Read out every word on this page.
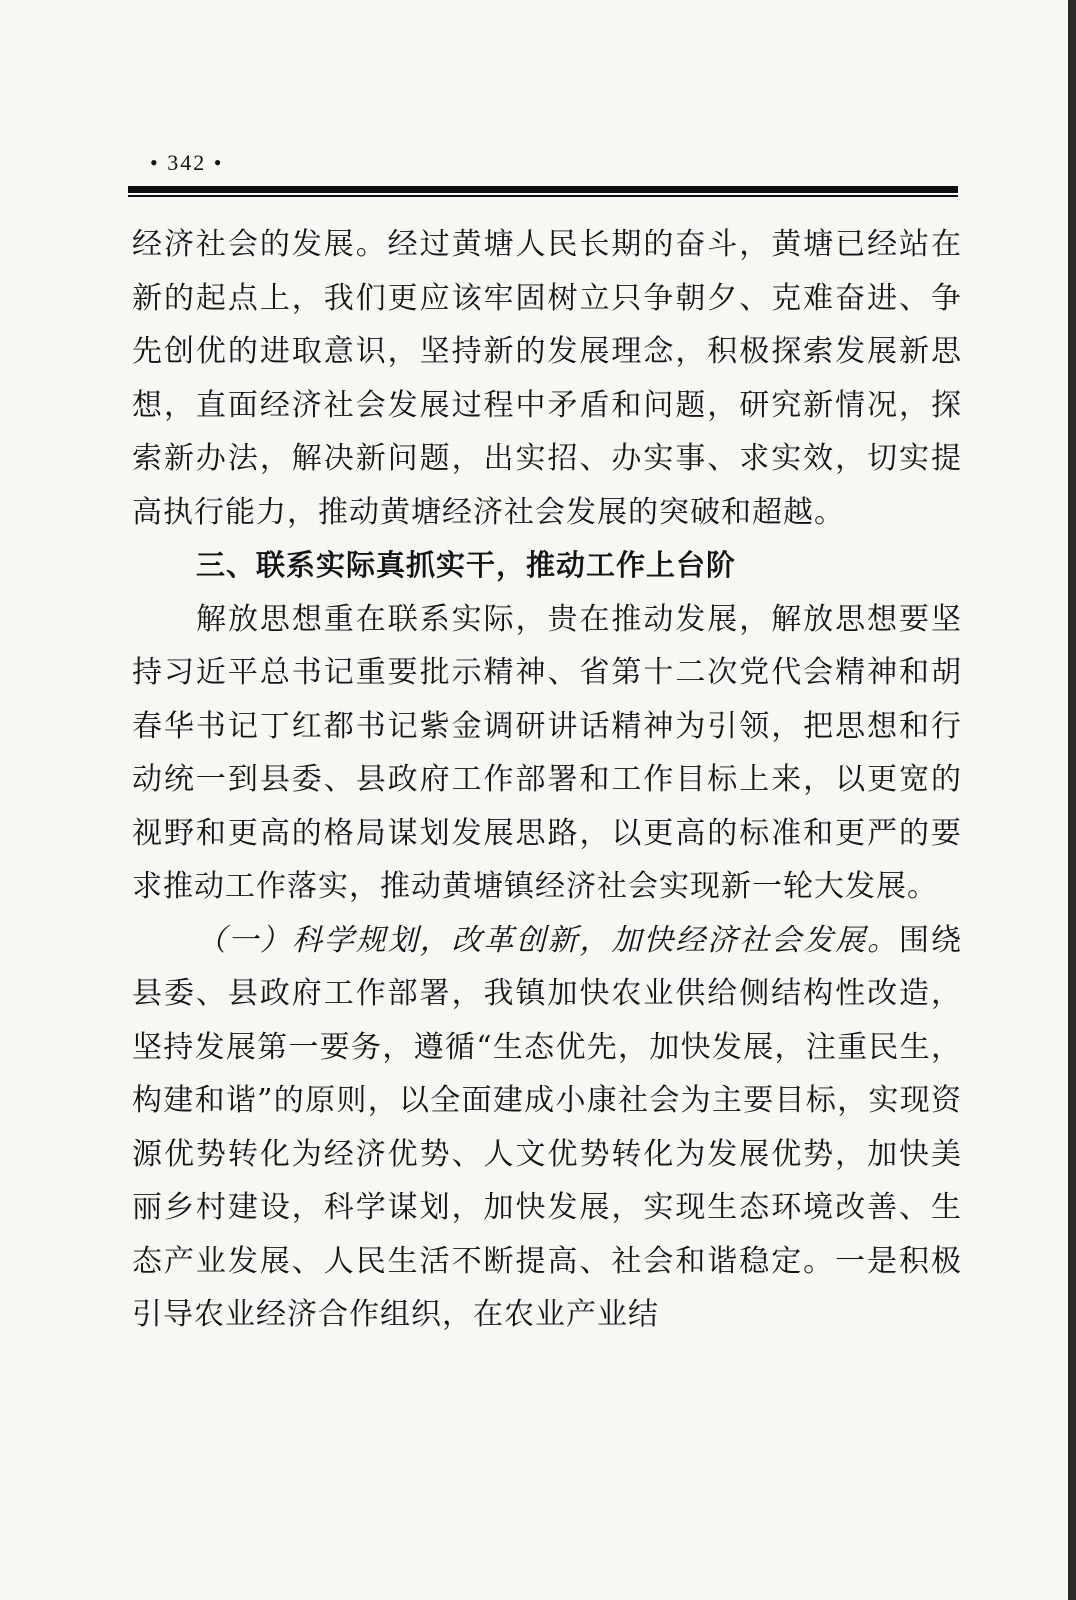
• 342 •

经济社会的发展。经过黄塘人民长期的奋斗，黄塘已经站在新的起点上，我们更应该牢固树立只争朝夕、克难奋进、争先创优的进取意识，坚持新的发展理念，积极探索发展新思想，直面经济社会发展过程中矛盾和问题，研究新情况，探索新办法，解决新问题，出实招、办实事、求实效，切实提高执行能力，推动黄塘经济社会发展的突破和超越。

三、联系实际真抓实干，推动工作上台阶

解放思想重在联系实际，贵在推动发展，解放思想要坚持习近平总书记重要批示精神、省第十二次党代会精神和胡春华书记丁红都书记紫金调研讲话精神为引领，把思想和行动统一到县委、县政府工作部署和工作目标上来，以更宽的视野和更高的格局谋划发展思路，以更高的标准和更严的要求推动工作落实，推动黄塘镇经济社会实现新一轮大发展。

（一）科学规划，改革创新，加快经济社会发展。围绕县委、县政府工作部署，我镇加快农业供给侧结构性改造，坚持发展第一要务，遵循“生态优先，加快发展，注重民生，构建和谐”的原则，以全面建成小康社会为主要目标，实现资源优势转化为经济优势、人文优势转化为发展优势，加快美丽乡村建设，科学谋划，加快发展，实现生态环境改善、生态产业发展、人民生活不断提高、社会和谐稳定。一是积极引导农业经济合作组织，在农业产业结
